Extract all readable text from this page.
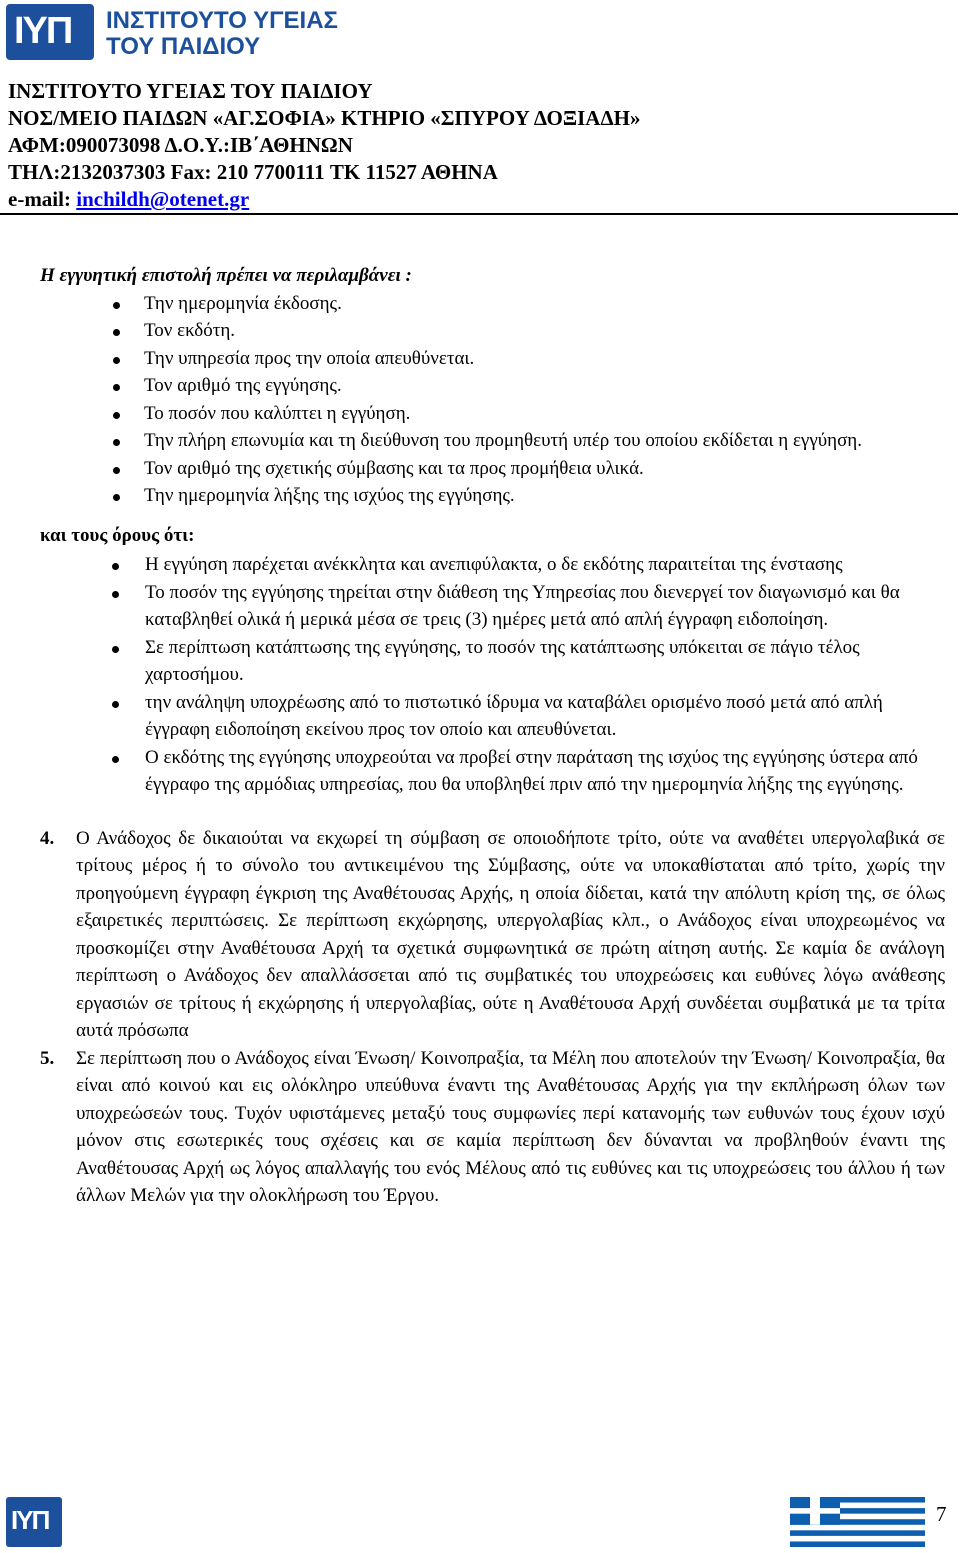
ΙΥΠ ΙΝΣΤΙΤΟΥΤΟ ΥΓΕΙΑΣ
ΤΟΥ ΠΑΙΔΙΟΥ
ΙΝΣΤΙΤΟΥΤΟ ΥΓΕΙΑΣ ΤΟΥ ΠΑΙΔΙΟΥ
ΝΟΣ/ΜΕΙΟ ΠΑΙΔΩΝ «ΑΓ.ΣΟΦΙΑ» ΚΤΗΡΙΟ «ΣΠΥΡΟΥ ΔΟΞΙΑΔΗ»
ΑΦΜ:090073098 Δ.Ο.Υ.:ΙΒ΄ΑΘΗΝΩΝ
ΤΗΛ:2132037303 Fax: 210 7700111 ΤΚ 11527 ΑΘΗΝΑ
e-mail: inchildh@otenet.gr

Η εγγυητική επιστολή πρέπει να περιλαμβάνει :

Την ημερομηνία έκδοσης.
Τον εκδότη.
Την υπηρεσία προς την οποία απευθύνεται.
Τον αριθμό της εγγύησης.
Το ποσόν που καλύπτει η εγγύηση.
Την πλήρη επωνυμία και τη διεύθυνση του προμηθευτή υπέρ του οποίου εκδίδεται η εγγύηση.
Τον αριθμό της σχετικής σύμβασης και τα προς προμήθεια υλικά.
Την ημερομηνία λήξης της ισχύος της εγγύησης.

και τους όρους ότι:

Η εγγύηση παρέχεται ανέκκλητα και ανεπιφύλακτα, ο δε εκδότης παραιτείται της ένστασης
Το ποσόν της εγγύησης τηρείται στην διάθεση της Υπηρεσίας που διενεργεί τον διαγωνισμό και θα καταβληθεί ολικά ή μερικά μέσα σε τρεις (3) ημέρες μετά από απλή έγγραφη ειδοποίηση.
Σε περίπτωση κατάπτωσης της εγγύησης, το ποσόν της κατάπτωσης υπόκειται σε πάγιο τέλος χαρτοσήμου.
την ανάληψη υποχρέωσης από το πιστωτικό ίδρυμα να καταβάλει ορισμένο ποσό μετά από απλή έγγραφη ειδοποίηση εκείνου προς τον οποίο και απευθύνεται.
Ο εκδότης της εγγύησης υποχρεούται να προβεί στην παράταση της ισχύος της εγγύησης ύστερα από έγγραφο της αρμόδιας υπηρεσίας, που θα υποβληθεί πριν από την ημερομηνία λήξης της εγγύησης.
4. Ο Ανάδοχος δε δικαιούται να εκχωρεί τη σύμβαση σε οποιοδήποτε τρίτο, ούτε να αναθέτει υπεργολαβικά σε τρίτους μέρος ή το σύνολο του αντικειμένου της Σύμβασης, ούτε να υποκαθίσταται από τρίτο, χωρίς την προηγούμενη έγγραφη έγκριση της Αναθέτουσας Αρχής, η οποία δίδεται, κατά την απόλυτη κρίση της, σε όλως εξαιρετικές περιπτώσεις. Σε περίπτωση εκχώρησης, υπεργολαβίας κλπ., ο Ανάδοχος είναι υποχρεωμένος να προσκομίζει στην Αναθέτουσα Αρχή τα σχετικά συμφωνητικά σε πρώτη αίτηση αυτής. Σε καμία δε ανάλογη περίπτωση ο Ανάδοχος δεν απαλλάσσεται από τις συμβατικές του υποχρεώσεις και ευθύνες λόγω ανάθεσης εργασιών σε τρίτους ή εκχώρησης ή υπεργολαβίας, ούτε η Αναθέτουσα Αρχή συνδέεται συμβατικά με τα τρίτα αυτά πρόσωπα
5. Σε περίπτωση που ο Ανάδοχος είναι Ένωση/ Κοινοπραξία, τα Μέλη που αποτελούν την Ένωση/ Κοινοπραξία, θα είναι από κοινού και εις ολόκληρο υπεύθυνα έναντι της Αναθέτουσας Αρχής για την εκπλήρωση όλων των υποχρεώσεών τους. Τυχόν υφιστάμενες μεταξύ τους συμφωνίες περί κατανομής των ευθυνών τους έχουν ισχύ μόνον στις εσωτερικές τους σχέσεις και σε καμία περίπτωση δεν δύνανται να προβληθούν έναντι της Αναθέτουσας Αρχή ως λόγος απαλλαγής του ενός Μέλους από τις ευθύνες και τις υποχρεώσεις του άλλου ή των άλλων Μελών για την ολοκλήρωση του Έργου.
ΙΥΠ	7
